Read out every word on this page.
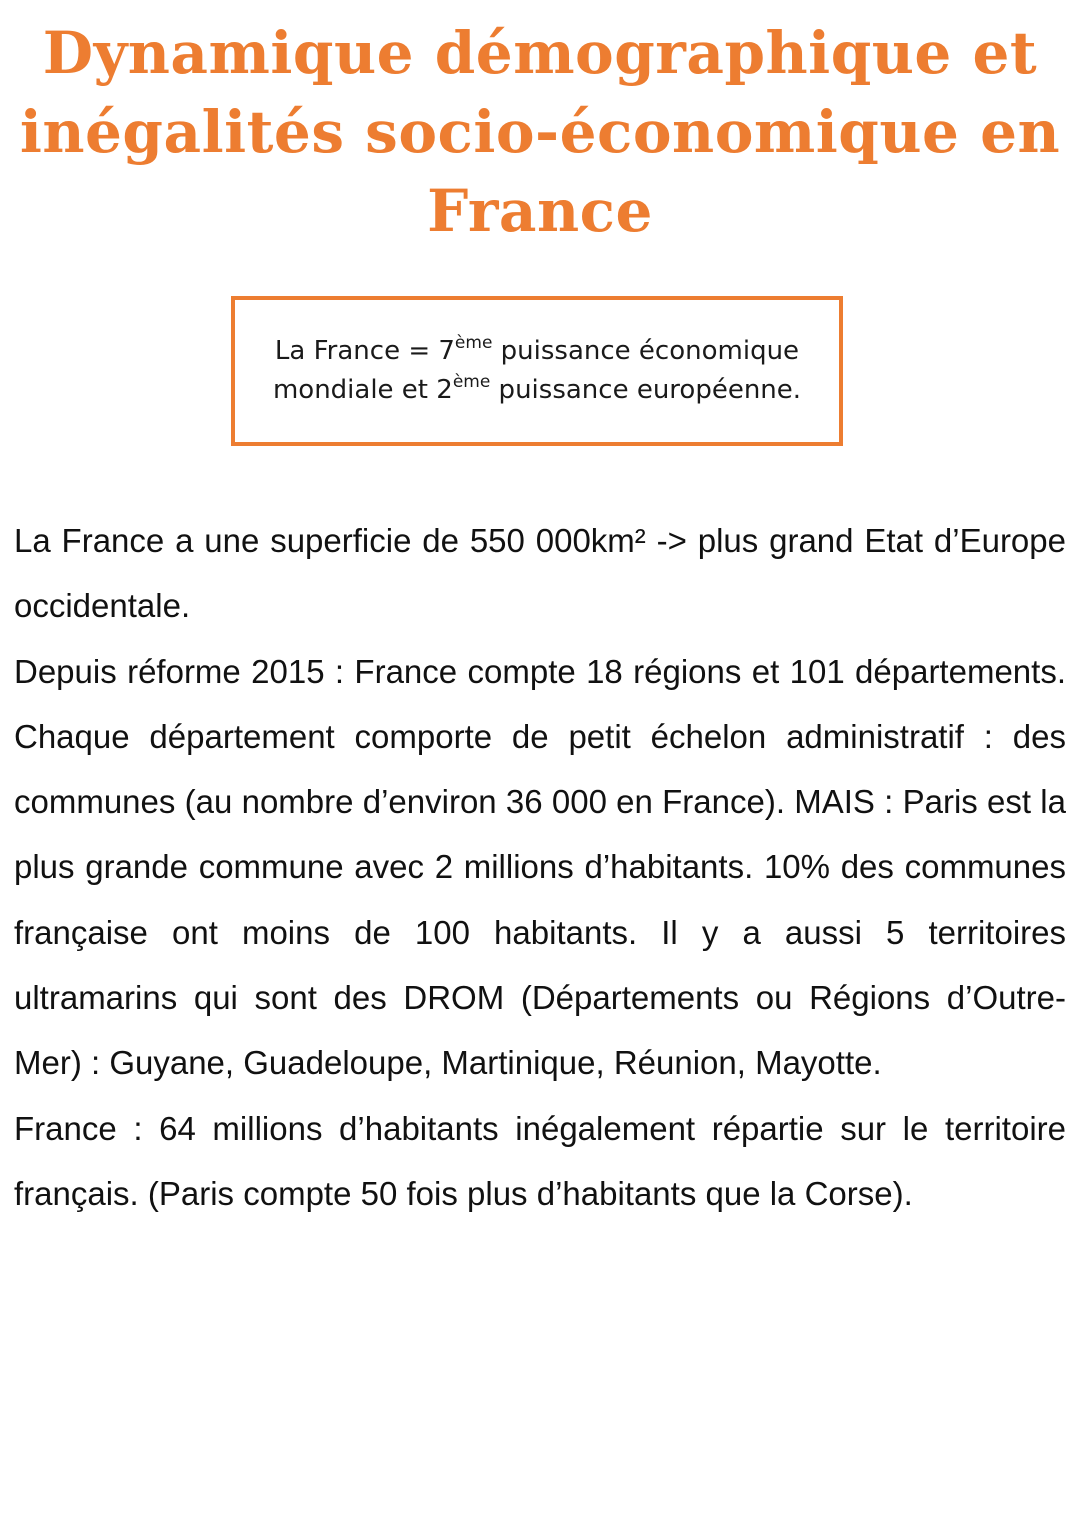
Dynamique démographique et
inégalités socio-économique en
France
La France = 7ème puissance économique
mondiale et 2ème puissance européenne.

La France a une superficie de 550 000km² -> plus grand Etat d’Europe occidentale.

Depuis réforme 2015 : France compte 18 régions et 101 départements. Chaque département comporte de petit échelon administratif : des communes (au nombre d’environ 36 000 en France). MAIS : Paris est la plus grande commune avec 2 millions d’habitants. 10% des communes française ont moins de 100 habitants. Il y a aussi 5 territoires ultramarins qui sont des DROM (Départements ou Régions d’Outre-Mer) : Guyane, Guadeloupe, Martinique, Réunion, Mayotte.

France : 64 millions d’habitants inégalement répartie sur le territoire français. (Paris compte 50 fois plus d’habitants que la Corse).
